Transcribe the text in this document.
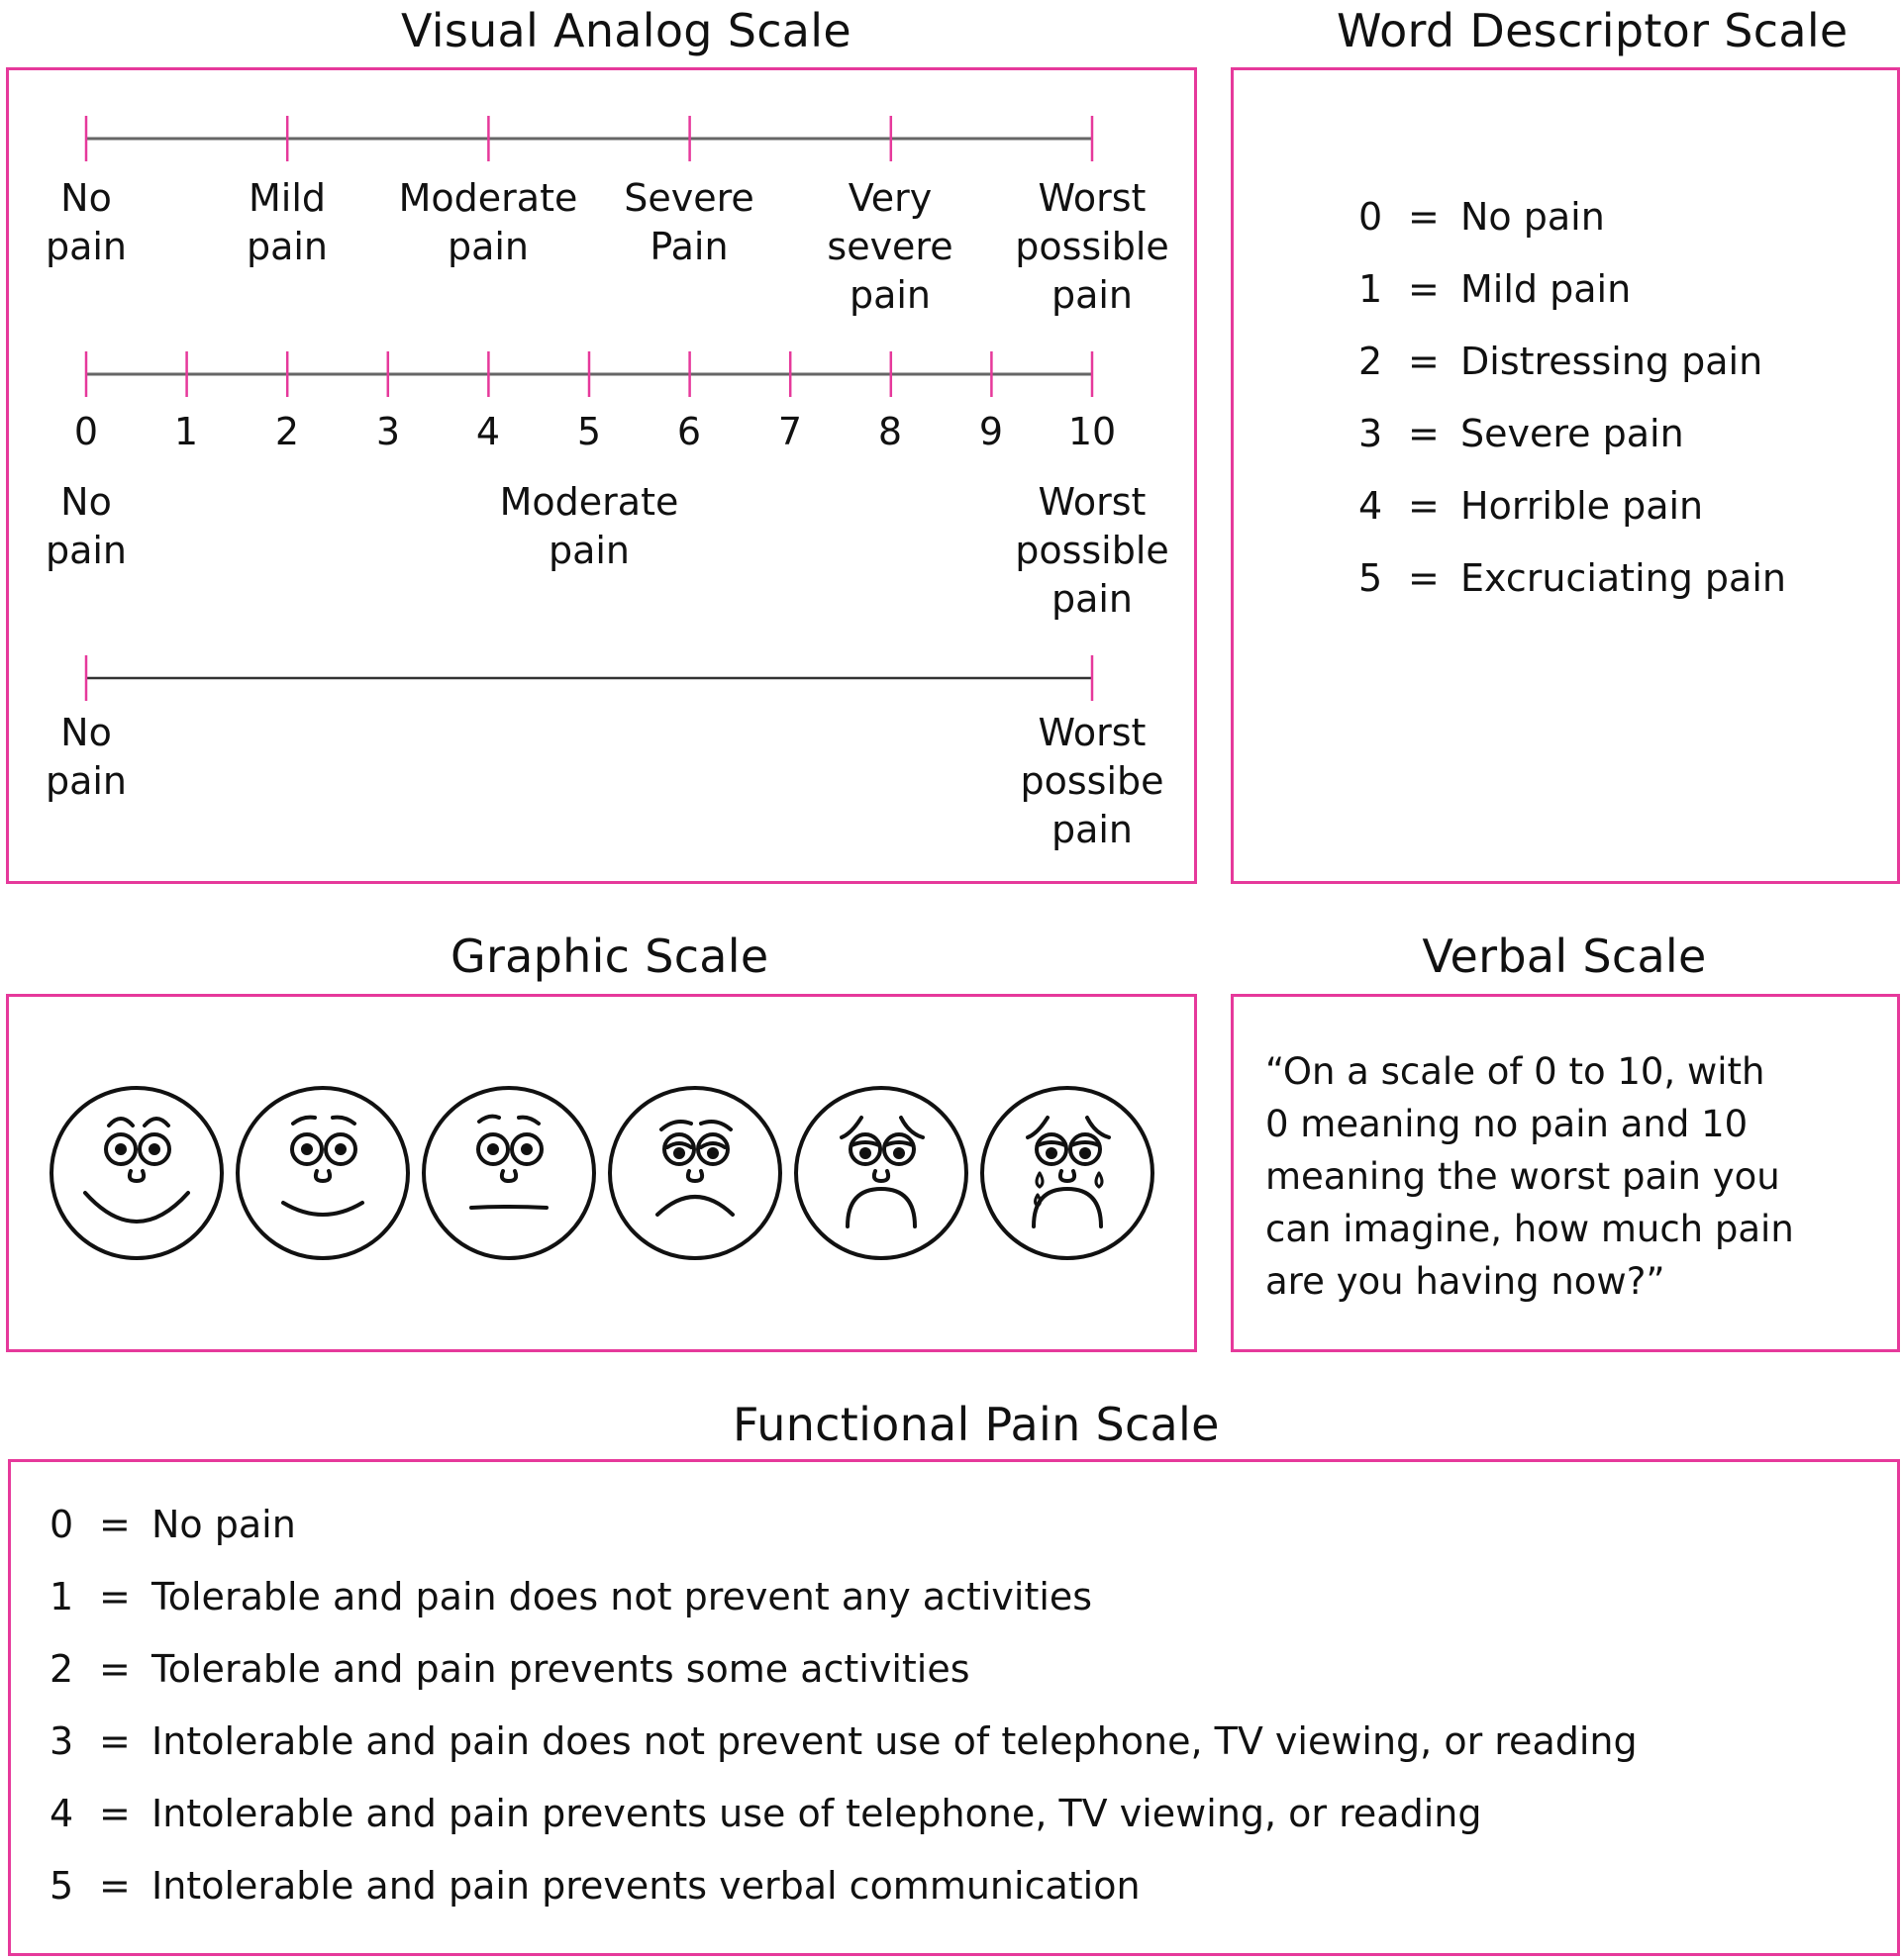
Visual Analog Scale	Word Descriptor Scale
Graphic Scale	Verbal Scale
Functional Pain Scale
No
pain
Mild
pain
Moderate
pain
Severe
Pain
Very
severe
pain
Worst
possible
pain
0	1	2	3	4	5	6	7	8	9	10
No
pain
Moderate
pain
Worst
possible
pain
No
pain
Worst
possibe
pain
0 = No pain
1 = Mild pain
2 = Distressing pain
3 = Severe pain
4 = Horrible pain
5 = Excruciating pain
“On a scale of 0 to 10, with
0 meaning no pain and 10
meaning the worst pain you
can imagine, how much pain
are you having now?”
0 = No pain
1 = Tolerable and pain does not prevent any activities
2 = Tolerable and pain prevents some activities
3 = Intolerable and pain does not prevent use of telephone, TV viewing, or reading
4 = Intolerable and pain prevents use of telephone, TV viewing, or reading
5 = Intolerable and pain prevents verbal communication
